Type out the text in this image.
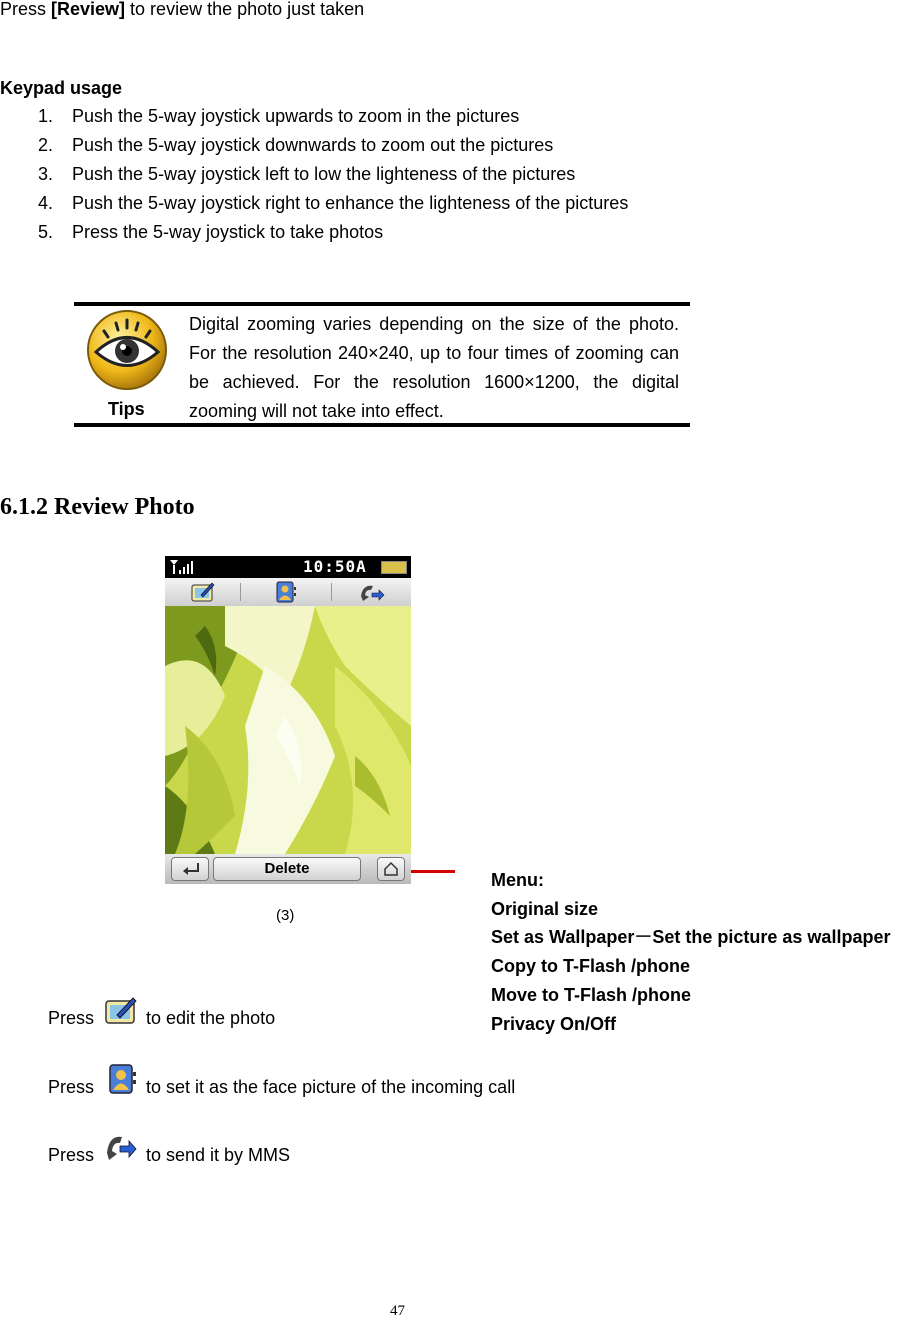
Press [Review] to review the photo just taken
Keypad usage
1. Push the 5-way joystick upwards to zoom in the pictures
2. Push the 5-way joystick downwards to zoom out the pictures
3. Push the 5-way joystick left to low the lighteness of the pictures
4. Push the 5-way joystick right to enhance the lighteness of the pictures
5. Press the 5-way joystick to take photos
Tips
Digital zooming varies depending on the size of the photo. For the resolution 240×240, up to four times of zooming can be achieved. For the resolution 1600×1200, the digital zooming will not take into effect.
6.1.2 Review Photo
10:50A
Delete
(3)
Menu:
Original size
Set as Wallpaper－Set the picture as wallpaper
Copy to T-Flash /phone
Move to T-Flash /phone
Privacy On/Off
Press	to edit the photo
Press	to set it as the face picture of the incoming call
Press	to send it by MMS
47
